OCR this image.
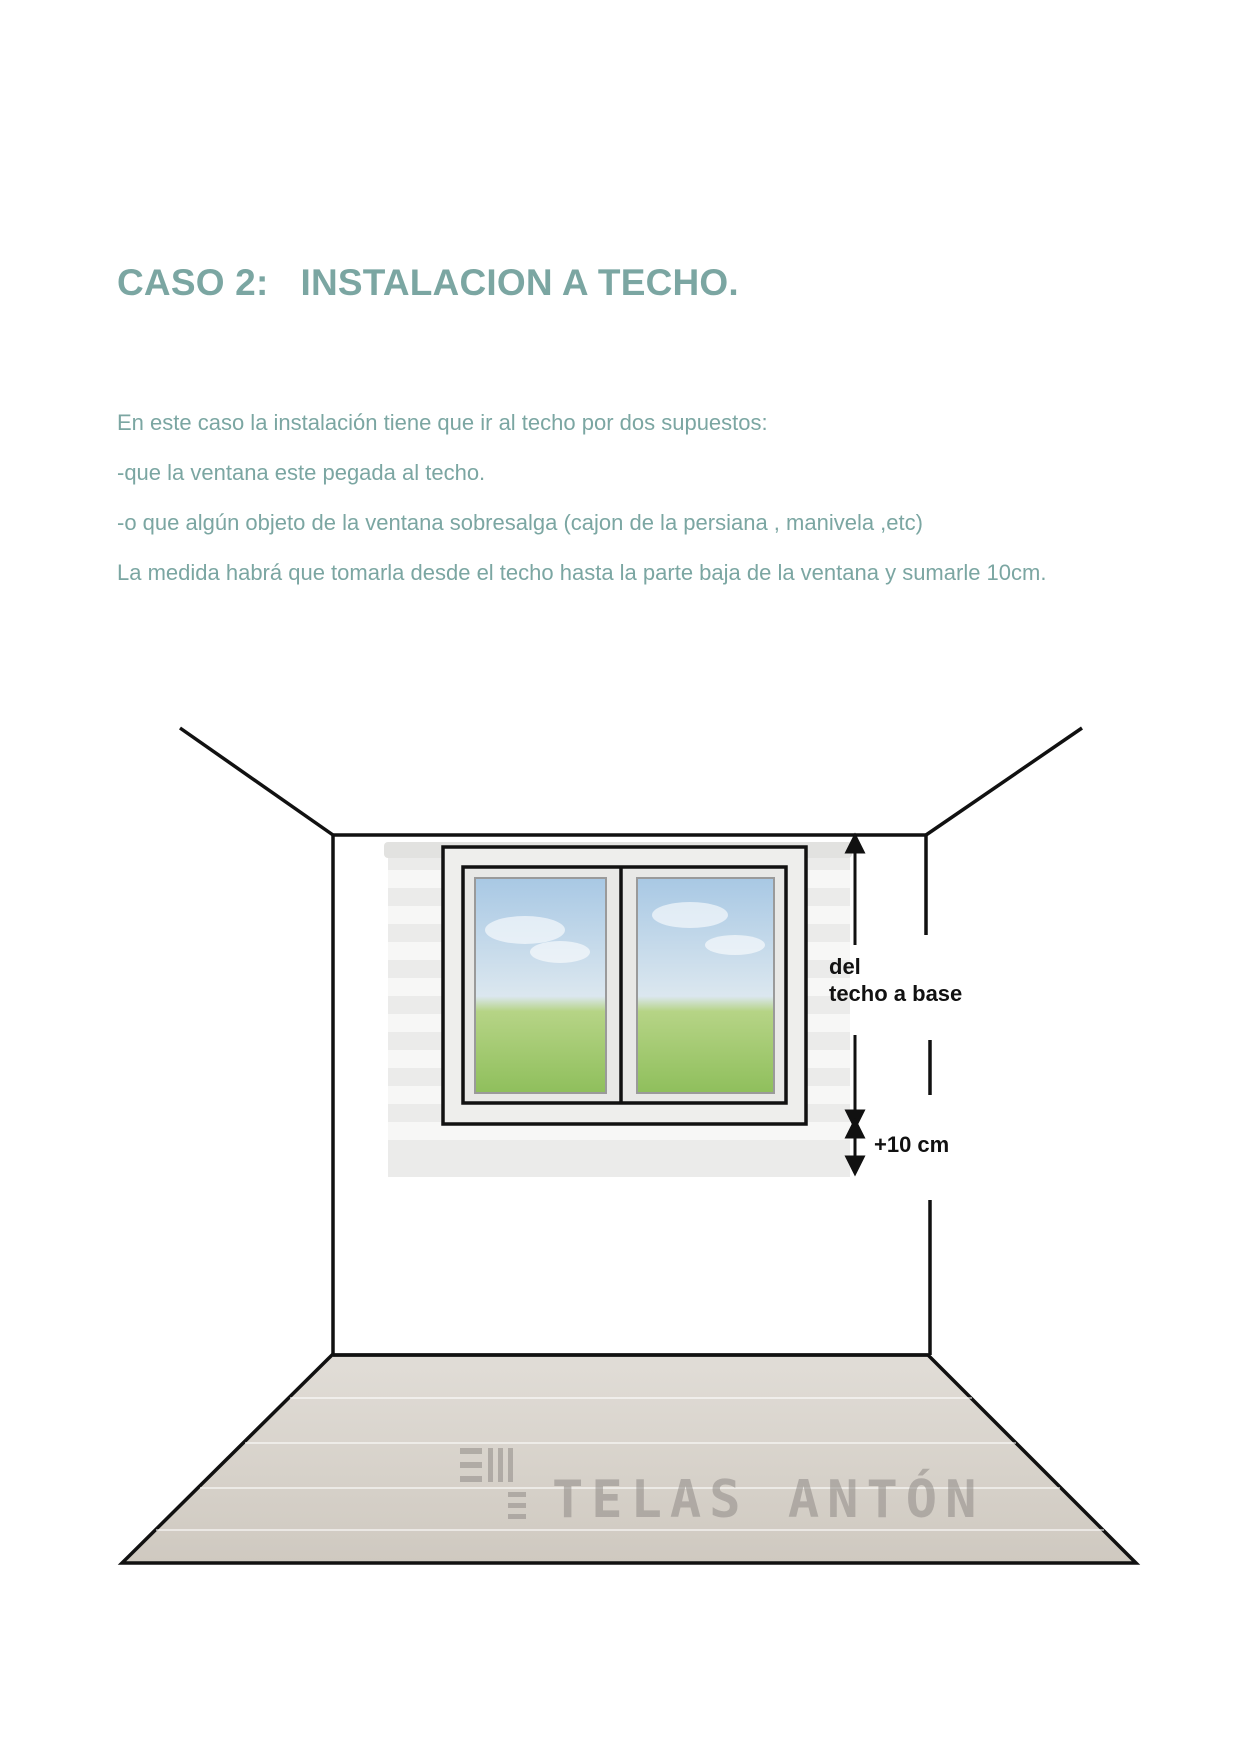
CASO 2: INSTALACION A TECHO.

En este caso la instalación tiene que ir al techo por dos supuestos:

-que la ventana este pegada al techo.

-o que algún objeto de la ventana sobresalga (cajon de la persiana , manivela ,etc)

La medida habrá que tomarla desde el techo hasta la parte baja de la ventana y sumarle 10cm.

del
techo a base
+10 cm
TELAS ANTÓN
